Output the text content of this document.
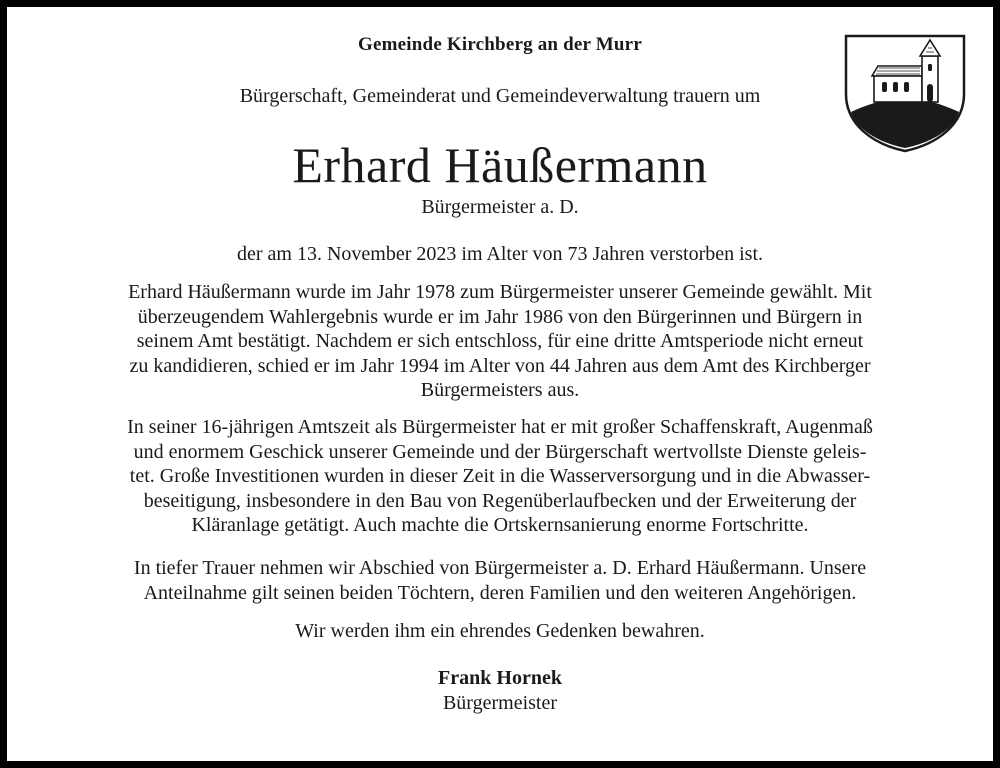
Gemeinde Kirchberg an der Murr
Bürgerschaft, Gemeinderat und Gemeindeverwaltung trauern um
Erhard Häußermann
Bürgermeister a. D.
der am 13. November 2023 im Alter von 73 Jahren verstorben ist.
Erhard Häußermann wurde im Jahr 1978 zum Bürgermeister unserer Gemeinde gewählt. Mit
überzeugendem Wahlergebnis wurde er im Jahr 1986 von den Bürgerinnen und Bürgern in
seinem Amt bestätigt. Nachdem er sich entschloss, für eine dritte Amtsperiode nicht erneut
zu kandidieren, schied er im Jahr 1994 im Alter von 44 Jahren aus dem Amt des Kirchberger
Bürgermeisters aus.
In seiner 16-jährigen Amtszeit als Bürgermeister hat er mit großer Schaffenskraft, Augenmaß
und enormem Geschick unserer Gemeinde und der Bürgerschaft wertvollste Dienste geleis-
tet. Große Investitionen wurden in dieser Zeit in die Wasserversorgung und in die Abwasser-
beseitigung, insbesondere in den Bau von Regenüberlaufbecken und der Erweiterung der
Kläranlage getätigt. Auch machte die Ortskernsanierung enorme Fortschritte.
In tiefer Trauer nehmen wir Abschied von Bürgermeister a. D. Erhard Häußermann. Unsere
Anteilnahme gilt seinen beiden Töchtern, deren Familien und den weiteren Angehörigen.
Wir werden ihm ein ehrendes Gedenken bewahren.
Frank Hornek
Bürgermeister
